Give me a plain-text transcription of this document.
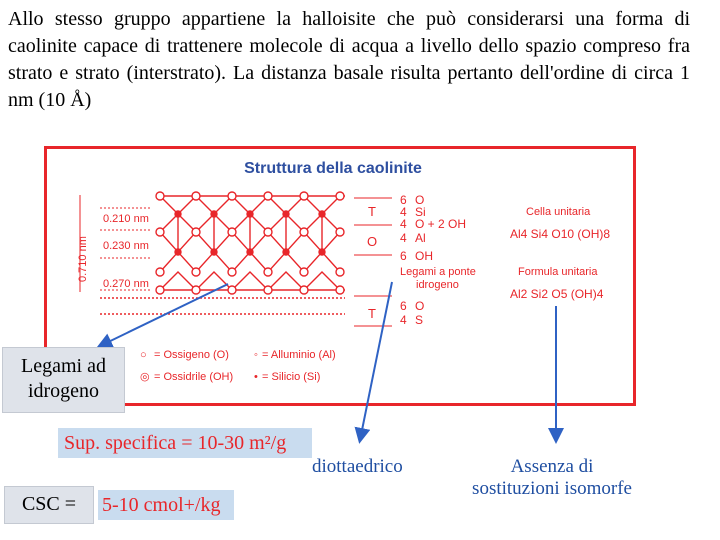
Allo stesso gruppo appartiene la halloisite che può considerarsi una forma di caolinite capace di trattenere molecole di acqua a livello dello spazio compreso fra strato e strato (interstrato). La distanza basale risulta pertanto dell'ordine di circa 1 nm (10 Å)

Struttura della caolinite
0.710 nm
0.210 nm
0.230 nm
0.270 nm
T
O
T
6 O
4 Si
4 O + 2 OH
4 Al
6 OH
6 O
4 S
Legami a ponte
idrogeno
Cella unitaria
Al4 Si4 O10 (OH)8
Formula unitaria
Al2 Si2 O5 (OH)4
○ = Ossigeno (O) ◦ = Alluminio (Al)
◎ = Ossidrile (OH) • = Silicio (Si)
Legami ad
idrogeno
Sup. specifica = 10-30 m²/g
CSC =	5-10 cmol+/kg
diottaedrico	Assenza di
sostituzioni isomorfe
